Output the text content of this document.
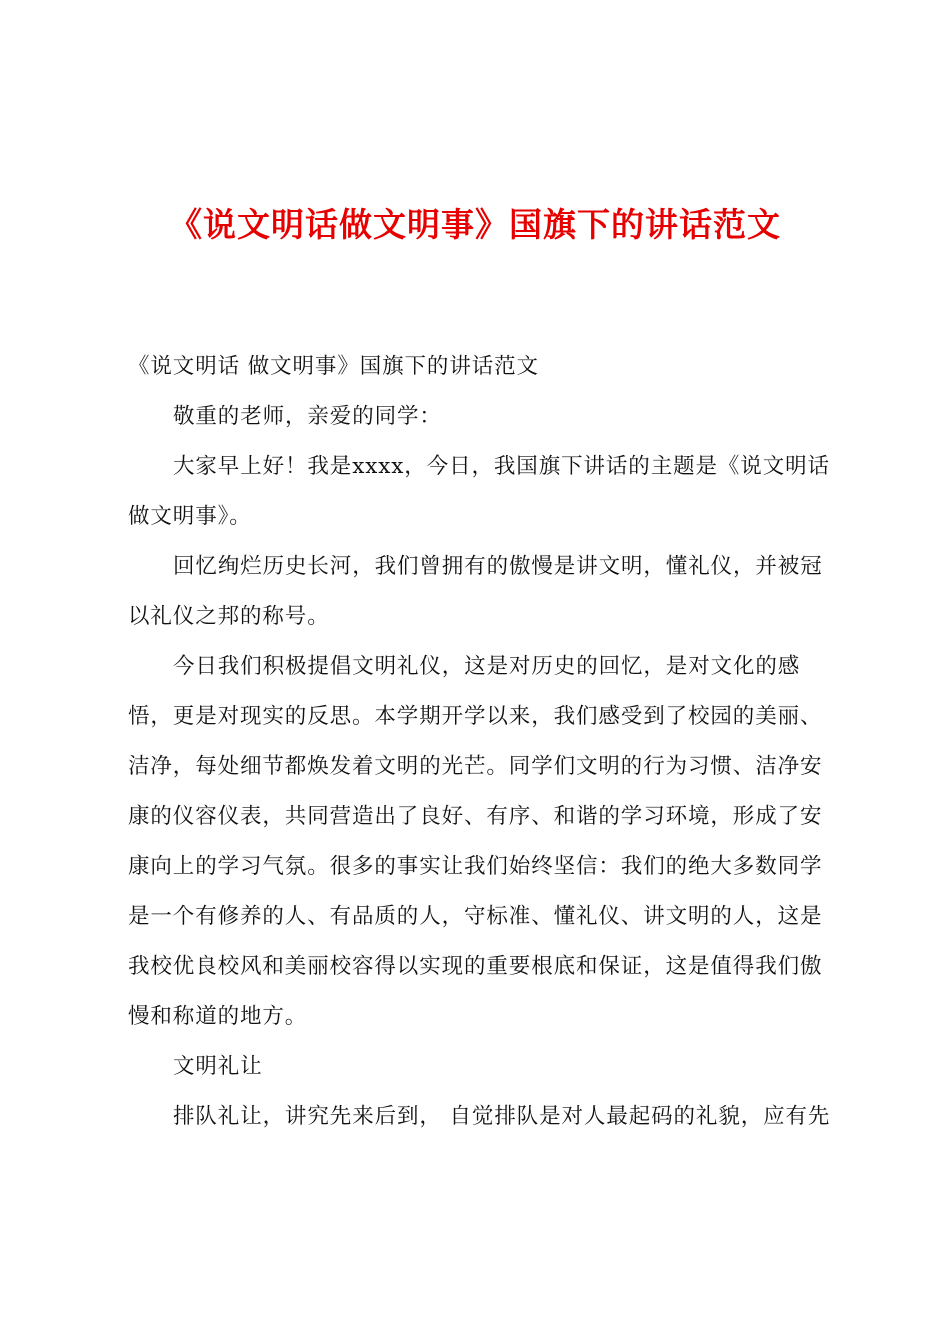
《说文明话做文明事》国旗下的讲话范文

《说文明话 做文明事》国旗下的讲话范文

敬重的老师，亲爱的同学：

大家早上好！我是xxxx，今日，我国旗下讲话的主题是《说文明话做文明事》。

回忆绚烂历史长河，我们曾拥有的傲慢是讲文明，懂礼仪，并被冠以礼仪之邦的称号。

今日我们积极提倡文明礼仪，这是对历史的回忆，是对文化的感悟，更是对现实的反思。本学期开学以来，我们感受到了校园的美丽、洁净，每处细节都焕发着文明的光芒。同学们文明的行为习惯、洁净安康的仪容仪表，共同营造出了良好、有序、和谐的学习环境，形成了安康向上的学习气氛。很多的事实让我们始终坚信：我们的绝大多数同学是一个有修养的人、有品质的人，守标准、懂礼仪、讲文明的人，这是我校优良校风和美丽校容得以实现的重要根底和保证，这是值得我们傲慢和称道的地方。

文明礼让

排队礼让，讲究先来后到， 自觉排队是对人最起码的礼貌，应有先
